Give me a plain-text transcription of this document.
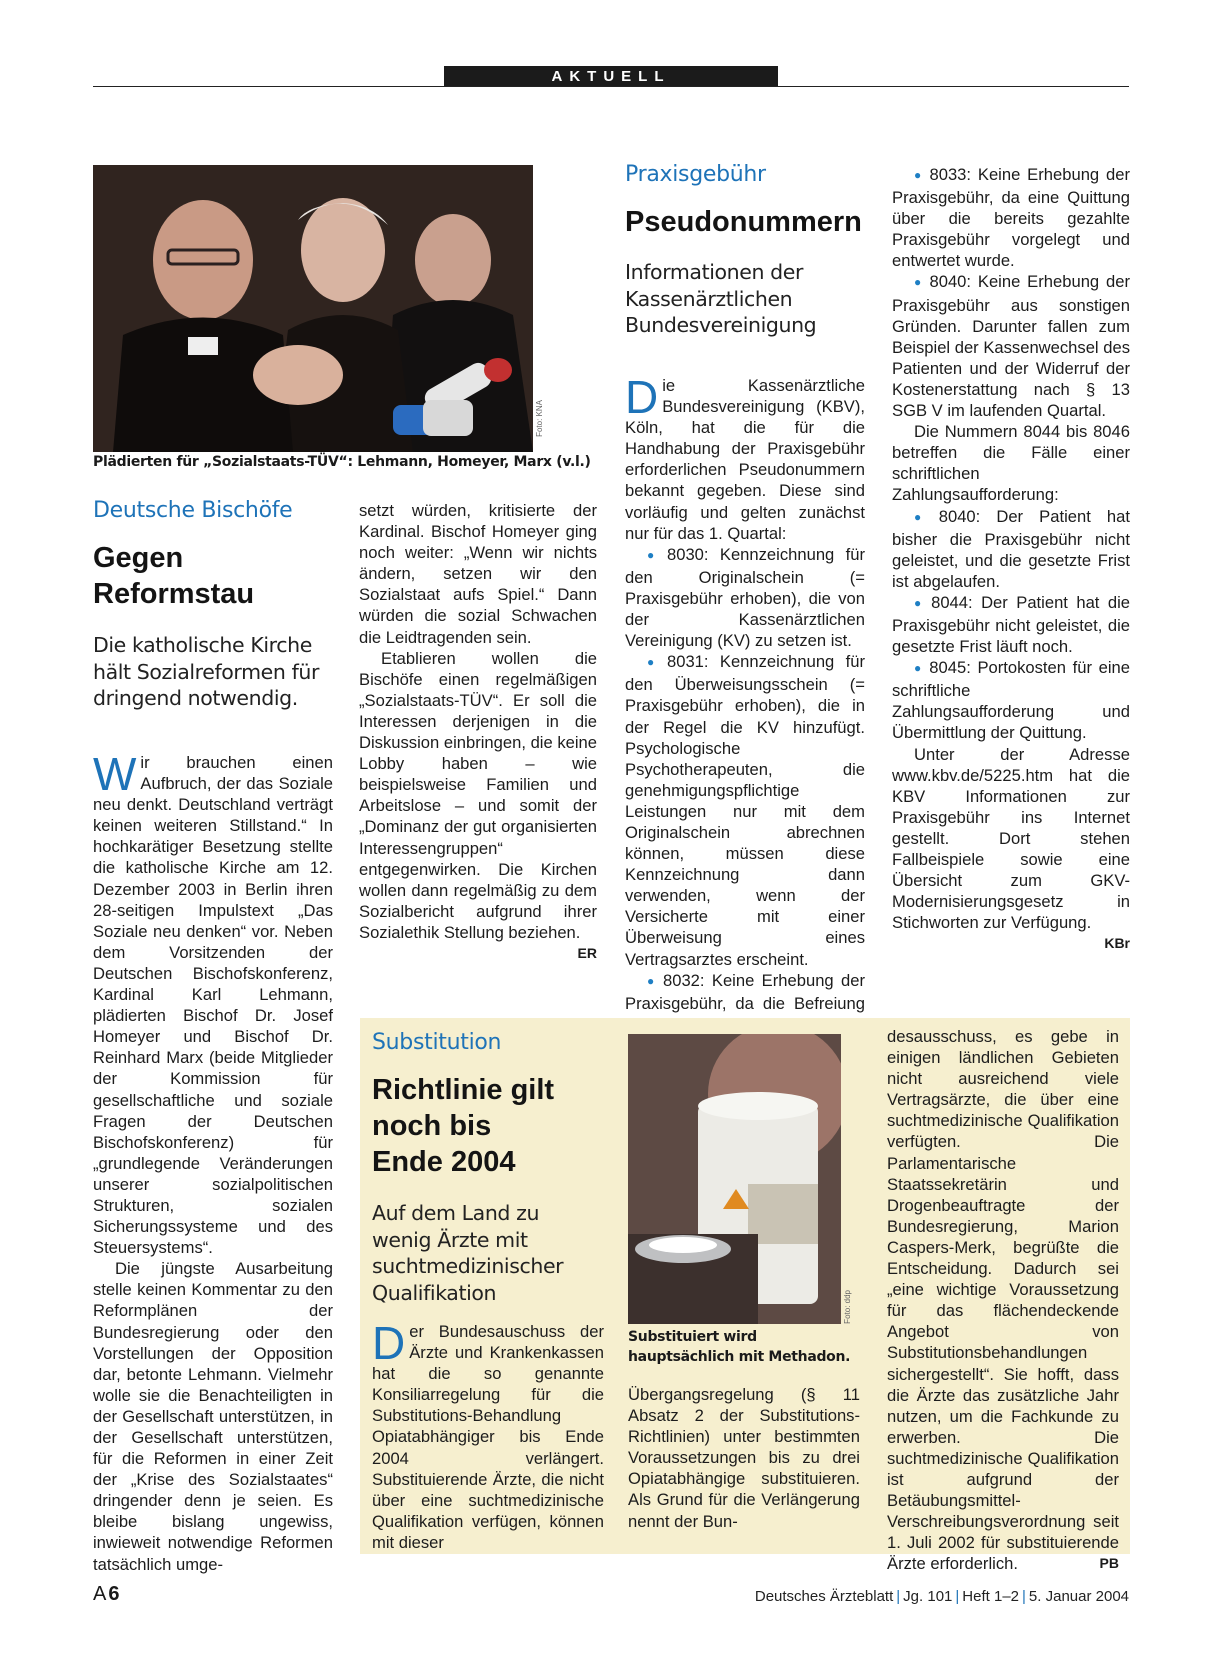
AKTUELL
Foto: KNA
Plädierten für „Sozialstaats-TÜV“: Lehmann, Homeyer, Marx (v.l.)
Deutsche Bischöfe
Gegen
Reformstau
Die katholische Kirche hält Sozialreformen für dringend notwendig.

Wir brauchen einen Aufbruch, der das Soziale neu denkt. Deutschland verträgt keinen weiteren Stillstand.“ In hochkarätiger Besetzung stellte die katholische Kirche am 12. Dezember 2003 in Berlin ihren 28-seitigen Impulstext „Das Soziale neu denken“ vor. Neben dem Vorsitzenden der Deutschen Bischofskonferenz, Kardinal Karl Lehmann, plädierten Bischof Dr. Josef Homeyer und Bischof Dr. Reinhard Marx (beide Mitglieder der Kommission für gesellschaftliche und soziale Fragen der Deutschen Bischofskonferenz) für „grundlegende Veränderungen unserer sozialpolitischen Strukturen, sozialen Sicherungssysteme und des Steuersystems“.

Die jüngste Ausarbeitung stelle keinen Kommentar zu den Reformplänen der Bundesregierung oder den Vorstellungen der Opposition dar, betonte Lehmann. Vielmehr wolle sie die Benachteiligten in der Gesellschaft unterstützen, in der Gesellschaft unterstützen, für die Reformen in einer Zeit der „Krise des Sozialstaates“ dringender denn je seien. Es bleibe bislang ungewiss, inwieweit notwendige Reformen tatsächlich umge-

setzt würden, kritisierte der Kardinal. Bischof Homeyer ging noch weiter: „Wenn wir nichts ändern, setzen wir den Sozialstaat aufs Spiel.“ Dann würden die sozial Schwachen die Leidtragenden sein.

Etablieren wollen die Bischöfe einen regelmäßigen „Sozialstaats-TÜV“. Er soll die Interessen derjenigen in die Diskussion einbringen, die keine Lobby haben – wie beispielsweise Familien und Arbeitslose – und somit der „Dominanz der gut organisierten Interessengruppen“ entgegenwirken. Die Kirchen wollen dann regelmäßig zu dem Sozialbericht aufgrund ihrer Sozialethik Stellung beziehen.
ER

Praxisgebühr
Pseudonummern
Informationen der Kassenärztlichen Bundesvereinigung

Die Kassenärztliche Bundesvereinigung (KBV), Köln, hat die für die Handhabung der Praxisgebühr erforderlichen Pseudonummern bekannt gegeben. Diese sind vorläufig und gelten zunächst nur für das 1. Quartal:

● 8030: Kennzeichnung für den Originalschein (= Praxisgebühr erhoben), die von der Kassenärztlichen Vereinigung (KV) zu setzen ist.

● 8031: Kennzeichnung für den Überweisungsschein (= Praxisgebühr erhoben), die in der Regel die KV hinzufügt. Psychologische Psychotherapeuten, die genehmigungspflichtige Leistungen nur mit dem Originalschein abrechnen können, müssen diese Kennzeichnung dann verwenden, wenn der Versicherte mit einer Überweisung eines Vertragsarztes erscheint.

● 8032: Keine Erhebung der Praxisgebühr, da die Befreiung

● 8033: Keine Erhebung der Praxisgebühr, da eine Quittung über die bereits gezahlte Praxisgebühr vorgelegt und entwertet wurde.

● 8040: Keine Erhebung der Praxisgebühr aus sonstigen Gründen. Darunter fallen zum Beispiel der Kassenwechsel des Patienten und der Widerruf der Kostenerstattung nach § 13 SGB V im laufenden Quartal.

Die Nummern 8044 bis 8046 betreffen die Fälle einer schriftlichen Zahlungsaufforderung:

● 8040: Der Patient hat bisher die Praxisgebühr nicht geleistet, und die gesetzte Frist ist abgelaufen.

● 8044: Der Patient hat die Praxisgebühr nicht geleistet, die gesetzte Frist läuft noch.

● 8045: Portokosten für eine schriftliche Zahlungsaufforderung und Übermittlung der Quittung.

Unter der Adresse www.kbv.de/5225.htm hat die KBV Informationen zur Praxisgebühr ins Internet gestellt. Dort stehen Fallbeispiele sowie eine Übersicht zum GKV-Modernisierungsgesetz in Stichworten zur Verfügung.
KBr

Substitution
Richtlinie gilt
noch bis
Ende 2004
Auf dem Land zu wenig Ärzte mit suchtmedizinischer Qualifikation

Der Bundesauschuss der Ärzte und Krankenkassen hat die so genannte Konsiliarregelung für die Substitutions-Behandlung Opiatabhängiger bis Ende 2004 verlängert. Substituierende Ärzte, die nicht über eine suchtmedizinische Qualifikation verfügen, können mit dieser

Foto: ddp
Substituiert wird hauptsächlich mit Methadon.

Übergangsregelung (§ 11 Absatz 2 der Substitutions-Richtlinien) unter bestimmten Voraussetzungen bis zu drei Opiatabhängige substituieren. Als Grund für die Verlängerung nennt der Bun-

desausschuss, es gebe in einigen ländlichen Gebieten nicht ausreichend viele Vertragsärzte, die über eine suchtmedizinische Qualifikation verfügten. Die Parlamentarische Staatssekretärin und Drogenbeauftragte der Bundesregierung, Marion Caspers-Merk, begrüßte die Entscheidung. Dadurch sei „eine wichtige Voraussetzung für das flächendeckende Angebot von Substitutionsbehandlungen sichergestellt“. Sie hofft, dass die Ärzte das zusätzliche Jahr nutzen, um die Fachkunde zu erwerben. Die suchtmedizinische Qualifikation ist aufgrund der Betäubungsmittel-Verschreibungsverordnung seit 1. Juli 2002 für substituierende Ärzte erforderlich.	PB

A 6	Deutsches Ärzteblatt | Jg. 101 | Heft 1–2 | 5. Januar 2004
